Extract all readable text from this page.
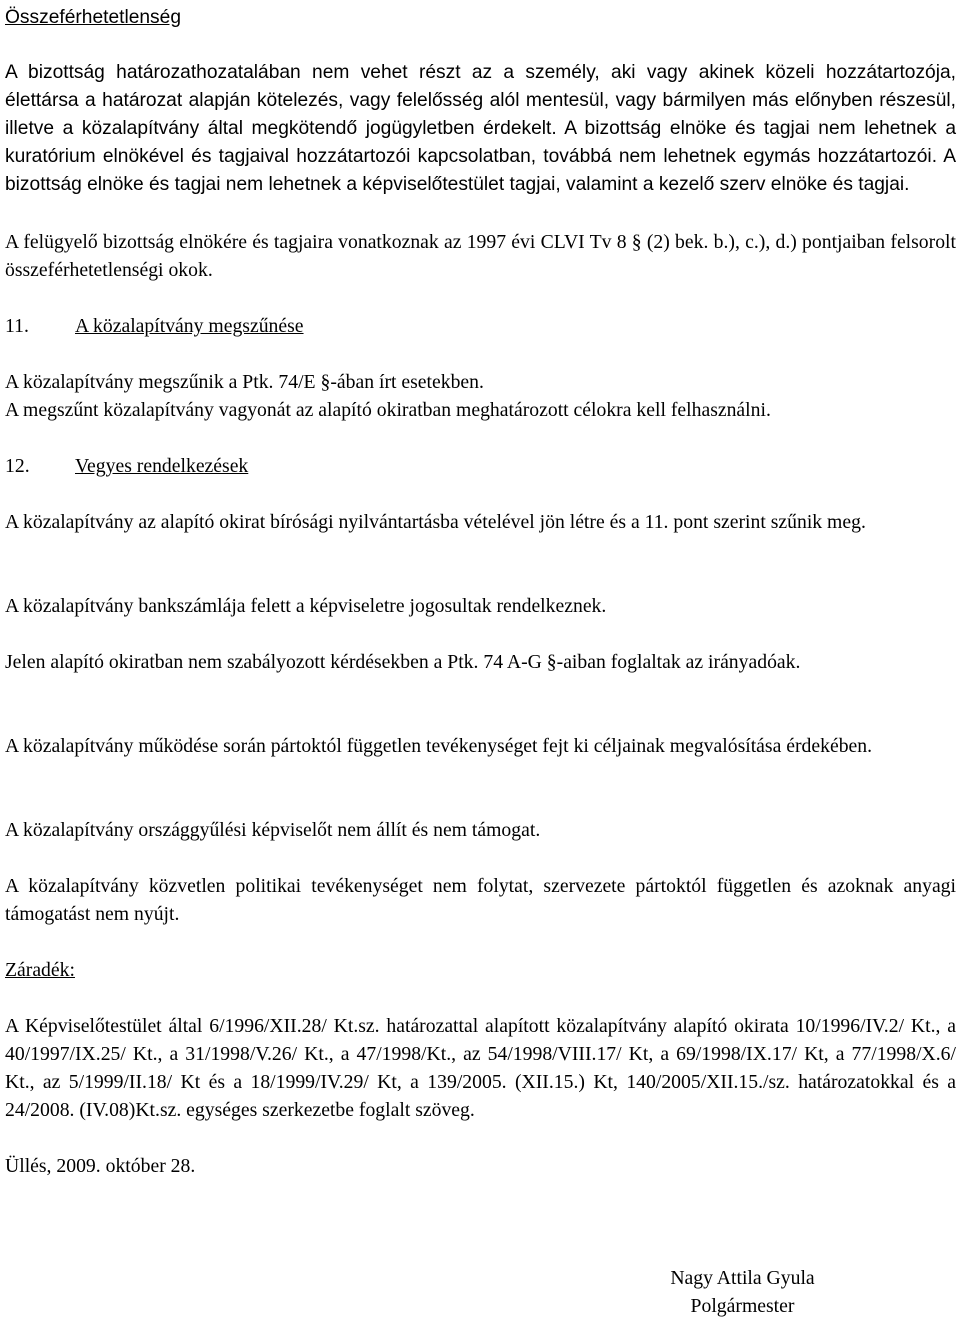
Összeférhetetlenség

A bizottság határozathozatalában nem vehet részt az a személy, aki vagy akinek közeli hozzátartozója, élettársa a határozat alapján kötelezés, vagy felelősség alól mentesül, vagy bármilyen más előnyben részesül, illetve a közalapítvány által megkötendő jogügyletben érdekelt. A bizottság elnöke és tagjai nem lehetnek a kuratórium elnökével és tagjaival hozzátartozói kapcsolatban, továbbá nem lehetnek egymás hozzátartozói. A bizottság elnöke és tagjai nem lehetnek a képviselőtestület tagjai, valamint a kezelő szerv elnöke és tagjai.

A felügyelő bizottság elnökére és tagjaira vonatkoznak az 1997 évi CLVI Tv 8 § (2) bek. b.), c.), d.) pontjaiban felsorolt összeférhetetlenségi okok.

11. A közalapítvány megszűnése

A közalapítvány megszűnik a Ptk. 74/E §-ában írt esetekben.

A megszűnt közalapítvány vagyonát az alapító okiratban meghatározott célokra kell felhasználni.

12. Vegyes rendelkezések

A közalapítvány az alapító okirat bírósági nyilvántartásba vételével jön létre és a 11. pont szerint szűnik meg.

A közalapítvány bankszámlája felett a képviseletre jogosultak rendelkeznek.

Jelen alapító okiratban nem szabályozott kérdésekben a Ptk. 74 A-G §-aiban foglaltak az irányadóak.

A közalapítvány működése során pártoktól független tevékenységet fejt ki céljainak megvalósítása érdekében.

A közalapítvány országgyűlési képviselőt nem állít és nem támogat.

A közalapítvány közvetlen politikai tevékenységet nem folytat, szervezete pártoktól független és azoknak anyagi támogatást nem nyújt.

Záradék:

A Képviselőtestület által 6/1996/XII.28/ Kt.sz. határozattal alapított közalapítvány alapító okirata 10/1996/IV.2/ Kt., a 40/1997/IX.25/ Kt., a 31/1998/V.26/ Kt., a 47/1998/Kt., az 54/1998/VIII.17/ Kt, a 69/1998/IX.17/ Kt, a 77/1998/X.6/ Kt., az 5/1999/II.18/ Kt és a 18/1999/IV.29/ Kt, a 139/2005. (XII.15.) Kt, 140/2005/XII.15./sz. határozatokkal és a 24/2008. (IV.08)Kt.sz. egységes szerkezetbe foglalt szöveg.

Üllés, 2009. október 28.
Nagy Attila Gyula
Polgármester
